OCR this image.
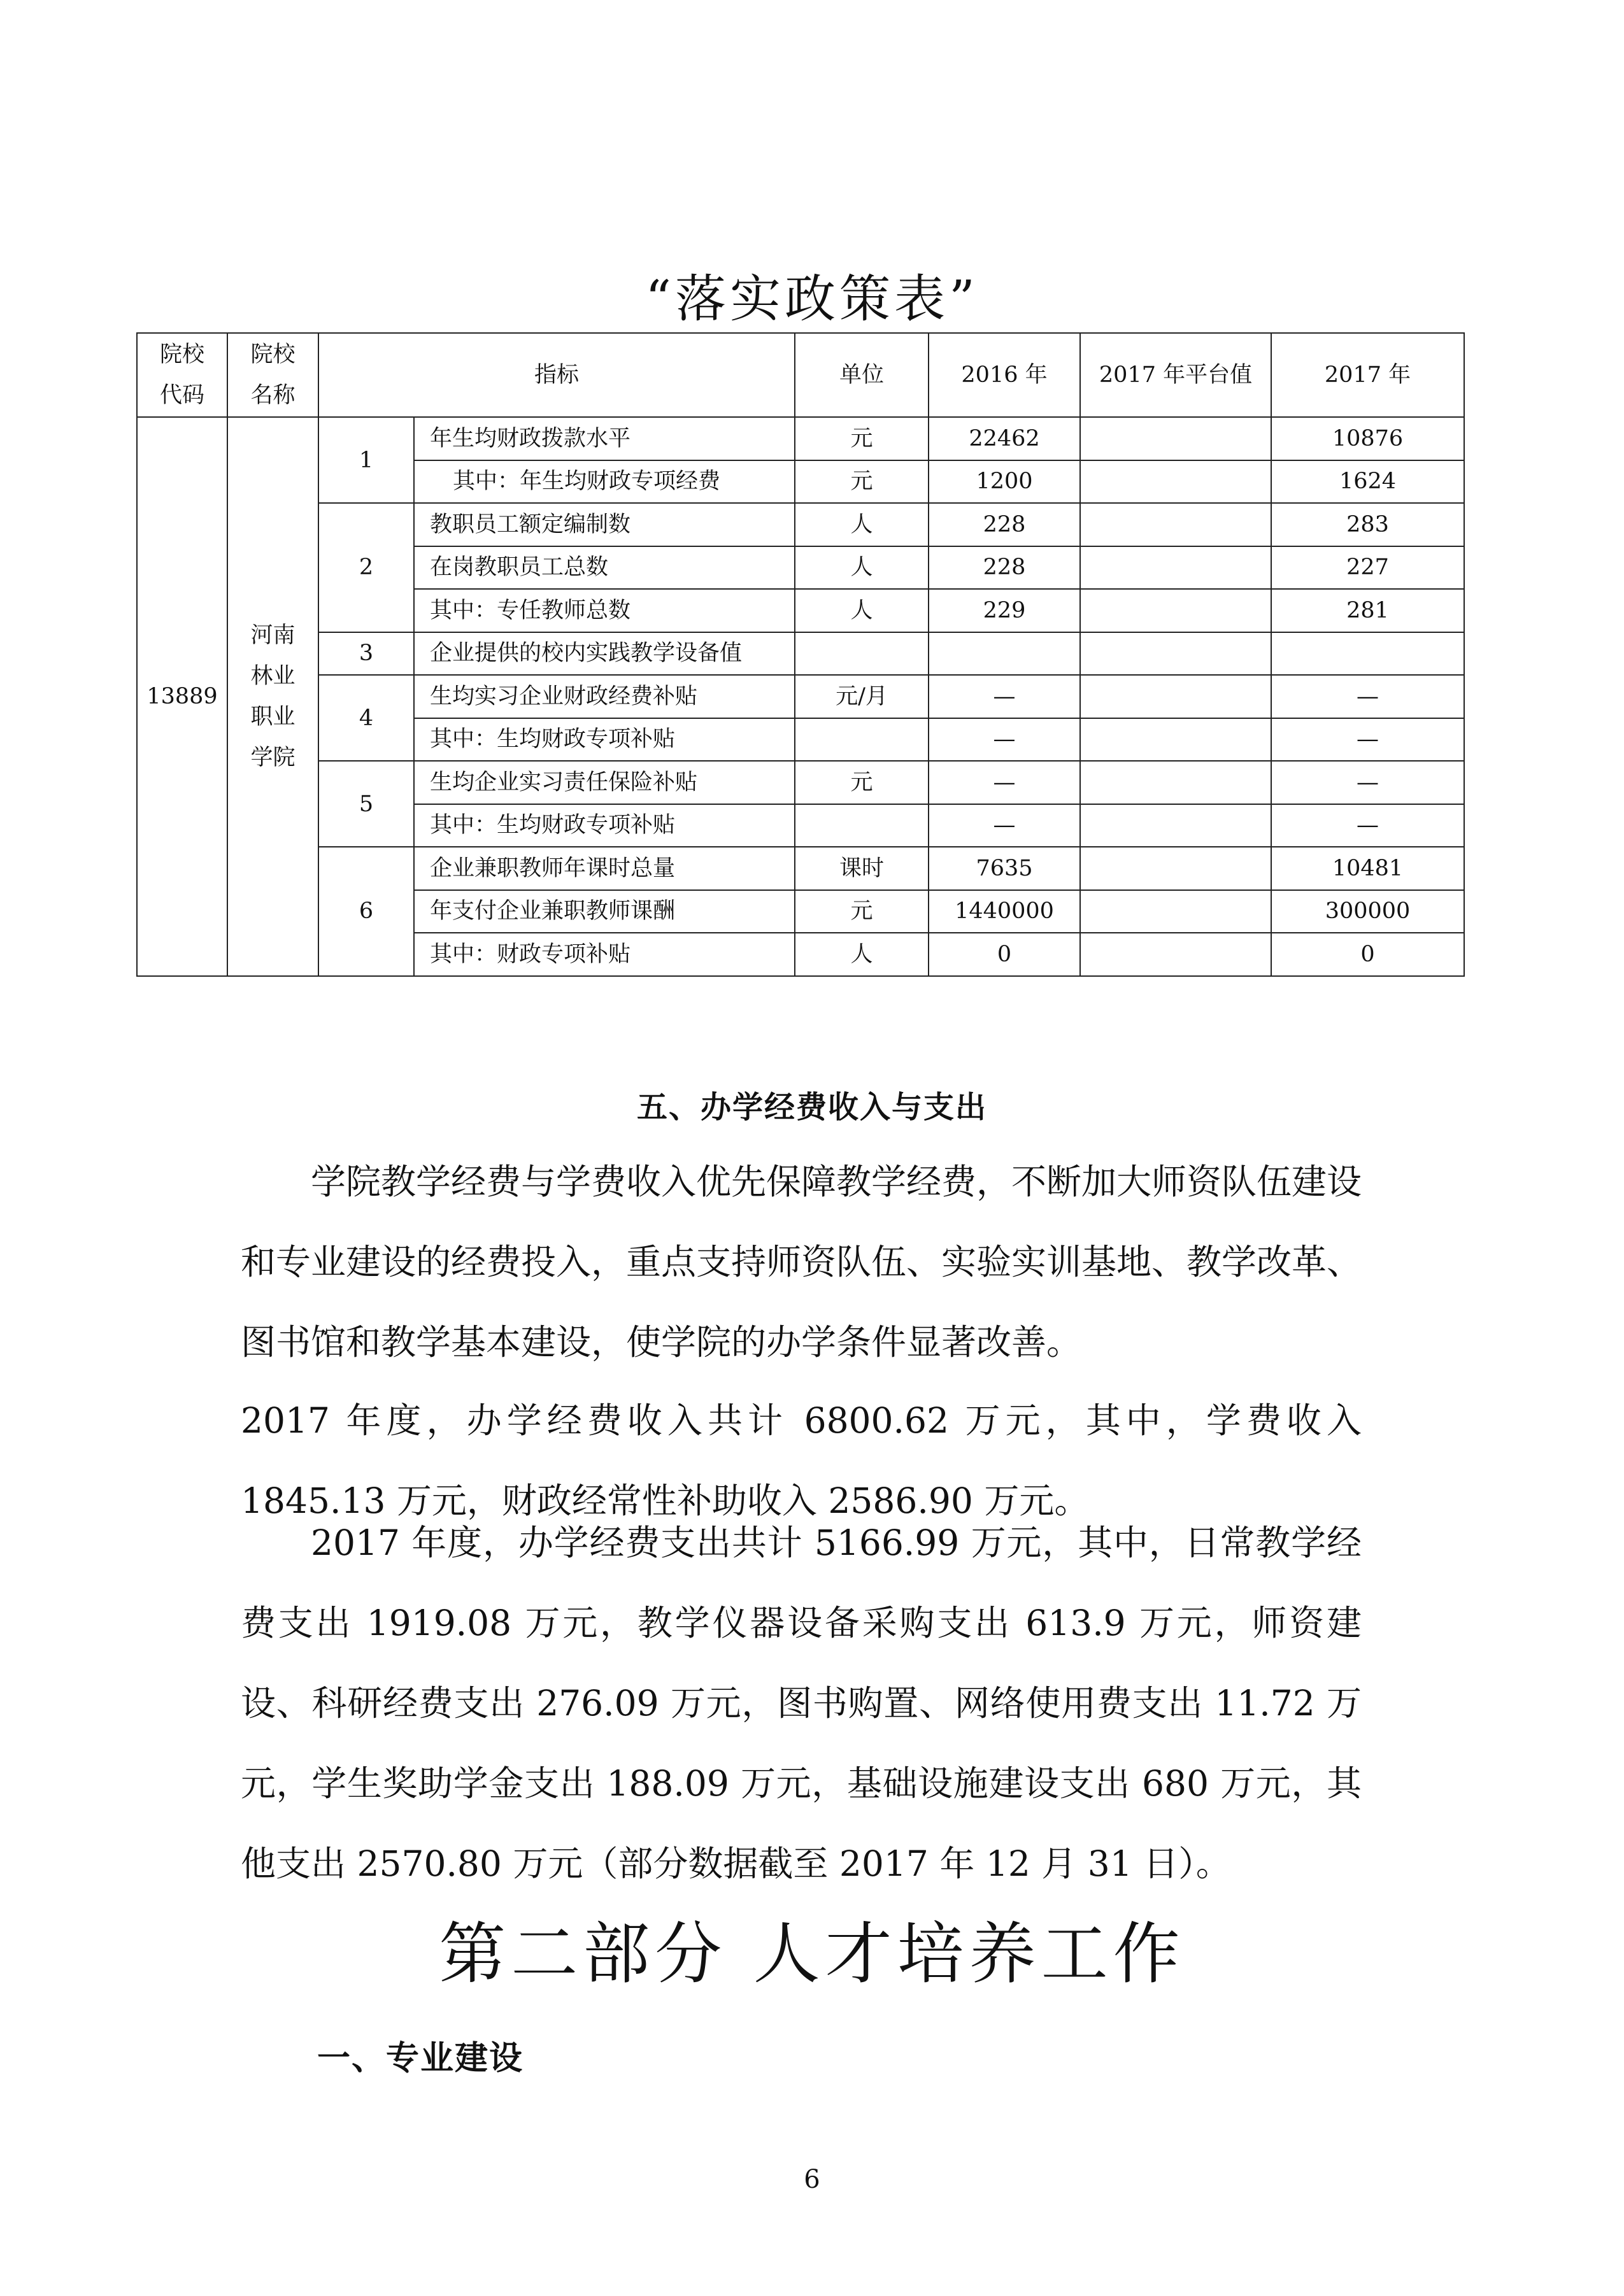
“落实政策表”
院校代码	院校名称	指标		单位	2016 年	2017 年平台值	2017 年
13889	河南林业职业学院	1	年生均财政拨款水平	元	22462		10876
			其中：年生均财政专项经费	元	1200		1624
		2	教职员工额定编制数	人	228		283
			在岗教职员工总数	人	228		227
			其中：专任教师总数	人	229		281
		3	企业提供的校内实践教学设备值				
		4	生均实习企业财政经费补贴	元/月	—		—
			其中：生均财政专项补贴		—		—
		5	生均企业实习责任保险补贴	元	—		—
			其中：生均财政专项补贴		—		—
		6	企业兼职教师年课时总量	课时	7635		10481
			年支付企业兼职教师课酬	元	1440000		300000
			其中：财政专项补贴	人	0		0
五、办学经费收入与支出
学院教学经费与学费收入优先保障教学经费，不断加大师资队伍建设和专业建设的经费投入，重点支持师资队伍、实验实训基地、教学改革、图书馆和教学基本建设，使学院的办学条件显著改善。
2017 年度，办学经费收入共计 6800.62 万元，其中，学费收入 1845.13 万元，财政经常性补助收入 2586.90 万元。
2017 年度，办学经费支出共计 5166.99 万元，其中，日常教学经费支出 1919.08 万元，教学仪器设备采购支出 613.9 万元，师资建设、科研经费支出 276.09 万元，图书购置、网络使用费支出 11.72 万元，学生奖助学金支出 188.09 万元，基础设施建设支出 680 万元，其他支出 2570.80 万元（部分数据截至 2017 年 12 月 31 日）。
第二部分 人才培养工作
一、专业建设
6
